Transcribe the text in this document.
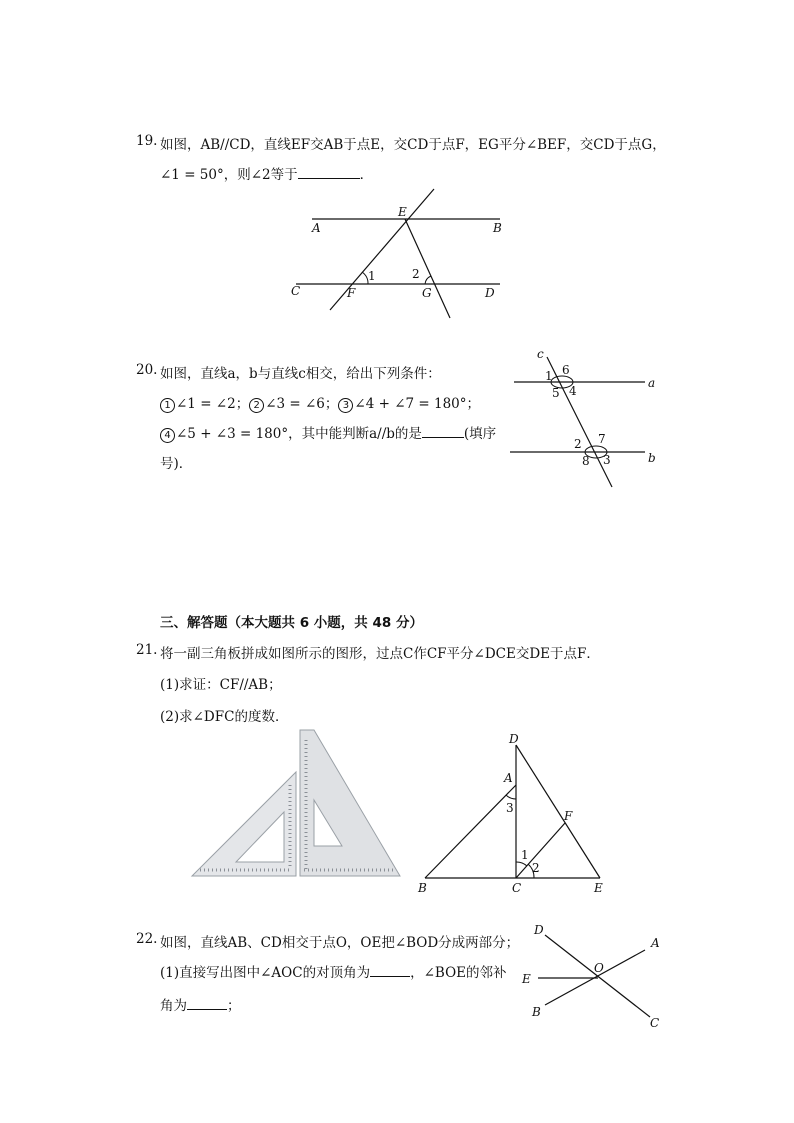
19. 如图，AB//CD，直线EF交AB于点E，交CD于点F，EG平分∠BEF，交CD于点G，
∠1 = 50°，则∠2等于	．
E
A	B
C	F	G	D
1	2
20. 如图，直线a，b与直线c相交，给出下列条件：
1 ∠1 = ∠2； 2 ∠3 = ∠6； 3 ∠4 + ∠7 = 180°；
4 ∠5 + ∠3 = 180°，其中能判断a//b的是	(填序
号)．
c
a
b
1 6
5 4
2 7
8 3
三、解答题（本大题共 6 小题，共 48 分）
21. 将一副三角板拼成如图所示的图形，过点C作CF平分∠DCE交DE于点F．
(1)求证：CF//AB；
(2)求∠DFC的度数．
D
A
3
F
1
2
B	C	E
22. 如图，直线AB、CD相交于点O，OE把∠BOD分成两部分；
(1)直接写出图中∠AOC的对顶角为	，∠BOE的邻补
角为	；
D
A
E
O
B
C
